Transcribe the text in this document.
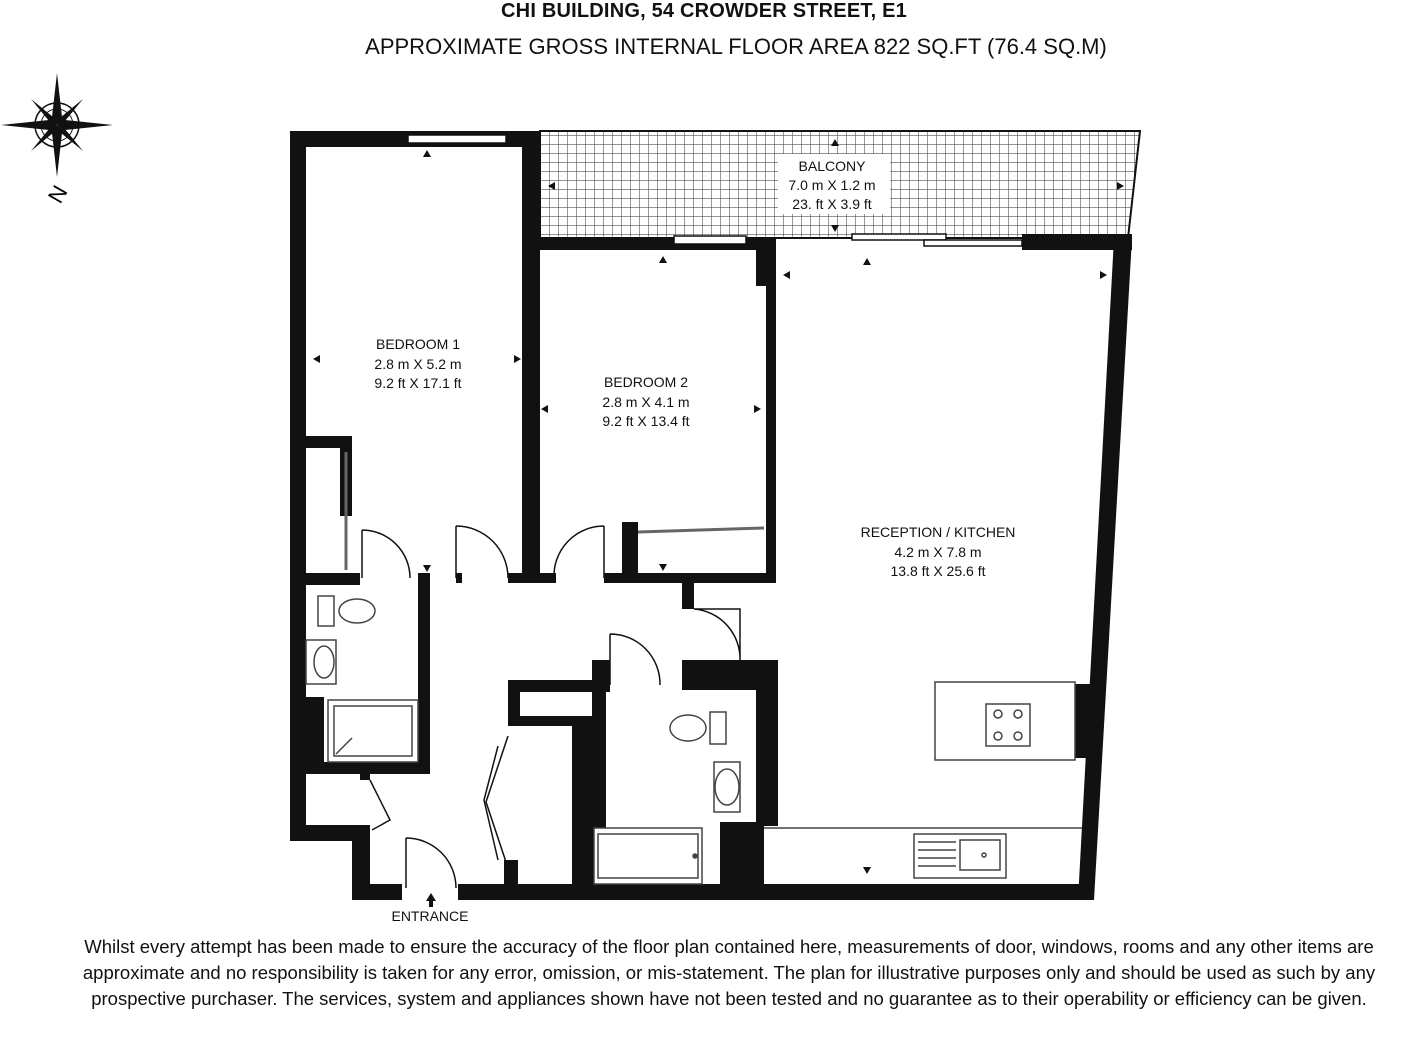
CHI BUILDING, 54 CROWDER STREET, E1
APPROXIMATE GROSS INTERNAL FLOOR AREA 822 SQ.FT (76.4 SQ.M)
N
BALCONY
7.0 m X 1.2 m
23. ft X 3.9 ft
BEDROOM 1
2.8 m X 5.2 m
9.2 ft X 17.1 ft	BEDROOM 2
2.8 m X 4.1 m
9.2 ft X 13.4 ft
RECEPTION / KITCHEN
4.2 m X 7.8 m
13.8 ft X 25.6 ft
ENTRANCE
Whilst every attempt has been made to ensure the accuracy of the floor plan contained here, measurements of door, windows, rooms and any other items are approximate and no responsibility is taken for any error, omission, or mis-statement. The plan for illustrative purposes only and should be used as such by any prospective purchaser. The services, system and appliances shown have not been tested and no guarantee as to their operability or efficiency can be given.
